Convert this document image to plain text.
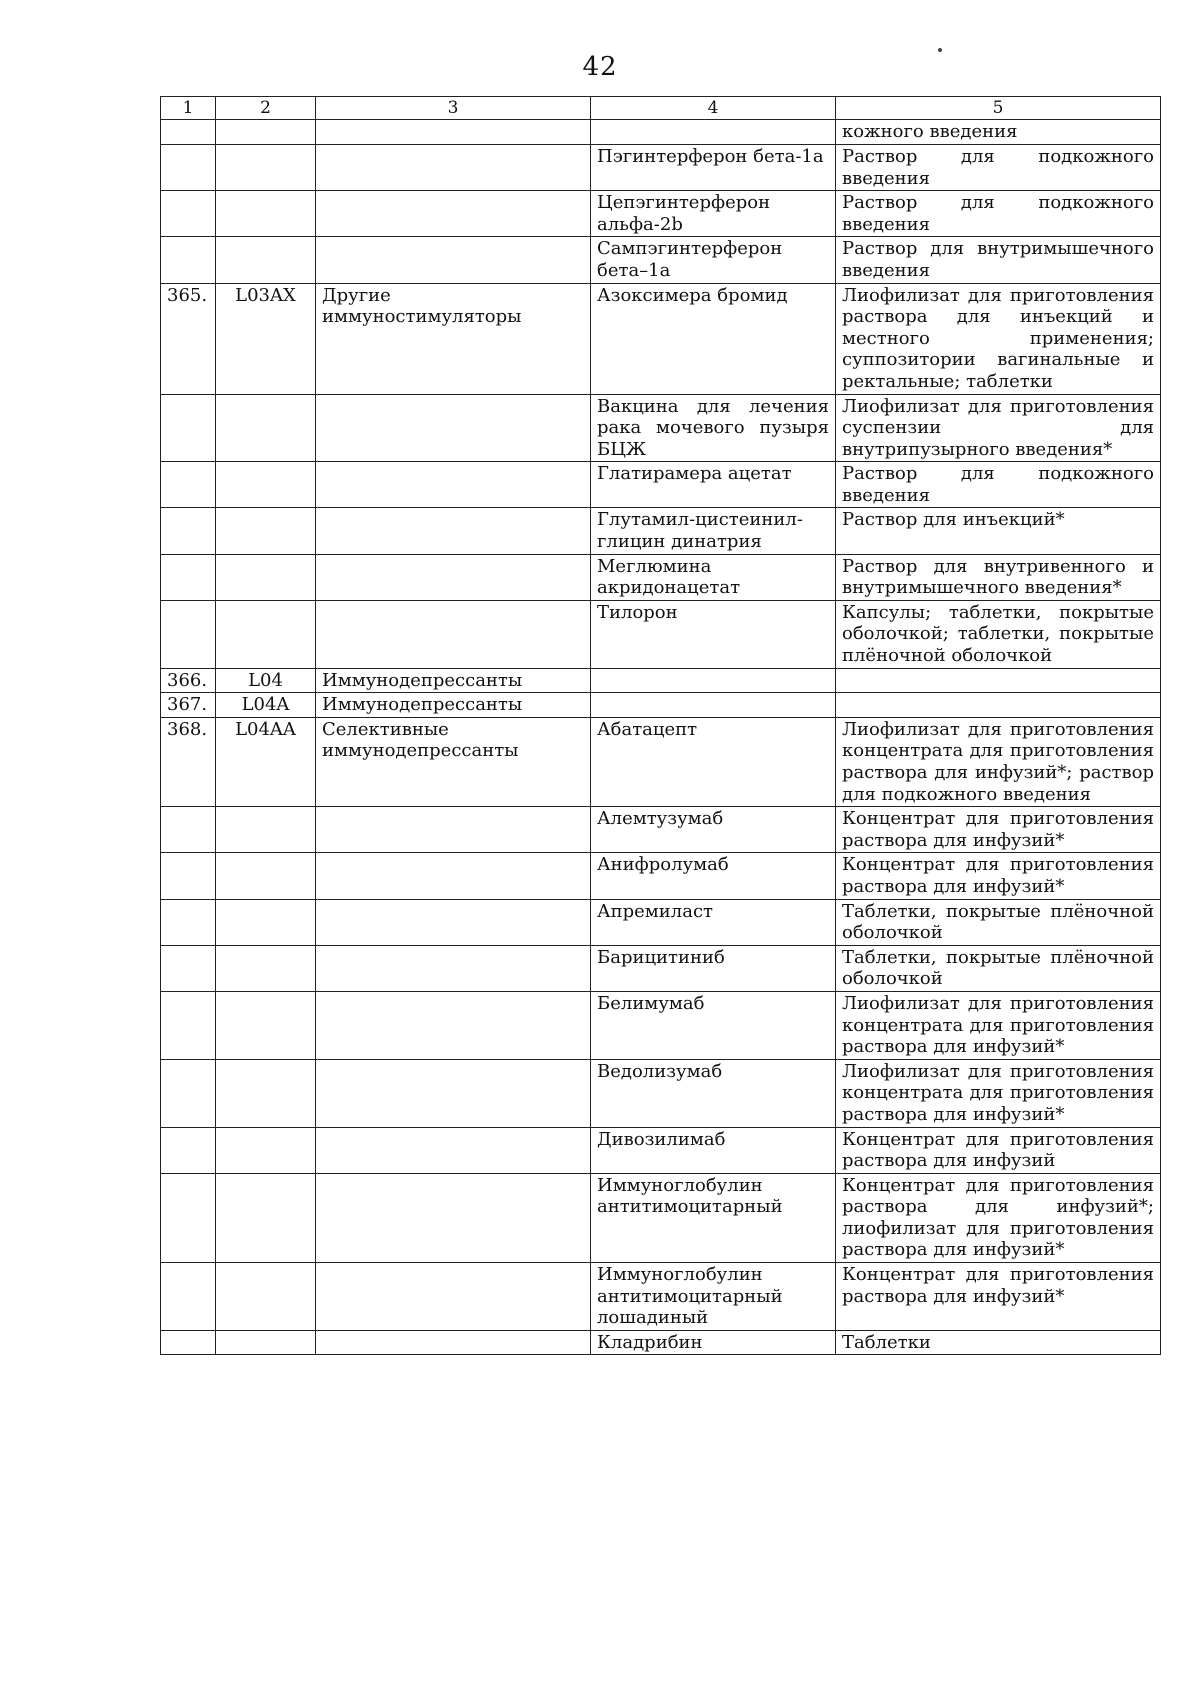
42
1	2	3	4	5
				кожного введения
			Пэгинтерферон бета-1a	Раствор для подкожного введения
			Цепэгинтерферон альфа-2b	Раствор для подкожного введения
			Сампэгинтерферон бета–1a	Раствор для внутримышечного введения
365.	L03AX	Другие иммуностимуляторы	Азоксимера бромид	Лиофилизат для приготовления раствора для инъекций и местного применения; суппозитории вагинальные и ректальные; таблетки
			Вакцина для лечения рака мочевого пузыря БЦЖ	Лиофилизат для приготовления суспензии для внутрипузырного введения*
			Глатирамера ацетат	Раствор для подкожного введения
			Глутамил-цистеинил-глицин динатрия	Раствор для инъекций*
			Меглюмина акридонацетат	Раствор для внутривенного и внутримышечного введения*
			Тилорон	Капсулы; таблетки, покрытые оболочкой; таблетки, покрытые плёночной оболочкой
366.	L04	Иммунодепрессанты		
367.	L04A	Иммунодепрессанты		
368.	L04AA	Селективные иммунодепрессанты	Абатацепт	Лиофилизат для приготовления концентрата для приготовления раствора для инфузий*; раствор для подкожного введения
			Алемтузумаб	Концентрат для приготовления раствора для инфузий*
			Анифролумаб	Концентрат для приготовления раствора для инфузий*
			Апремиласт	Таблетки, покрытые плёночной оболочкой
			Барицитиниб	Таблетки, покрытые плёночной оболочкой
			Белимумаб	Лиофилизат для приготовления концентрата для приготовления раствора для инфузий*
			Ведолизумаб	Лиофилизат для приготовления концентрата для приготовления раствора для инфузий*
			Дивозилимаб	Концентрат для приготовления раствора для инфузий
			Иммуноглобулин антитимоцитарный	Концентрат для приготовления раствора для инфузий*; лиофилизат для приготовления раствора для инфузий*
			Иммуноглобулин антитимоцитарный лошадиный	Концентрат для приготовления раствора для инфузий*
			Кладрибин	Таблетки
